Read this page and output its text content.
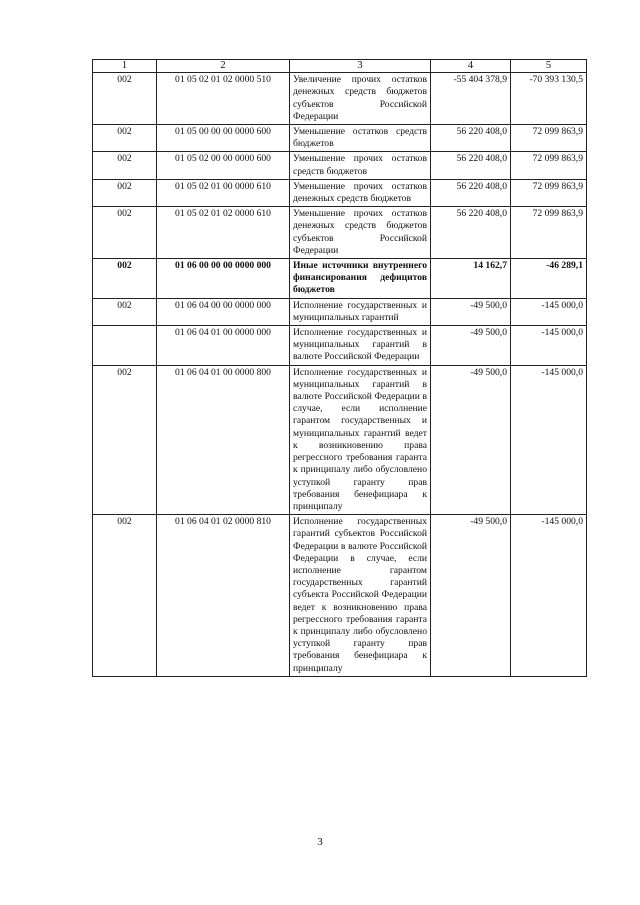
1	2	3	4	5
002	01 05 02 01 02 0000 510	Увеличение прочих остатков денежных средств бюджетов субъектов Российской Федерации	-55 404 378,9	-70 393 130,5
002	01 05 00 00 00 0000 600	Уменьшение остатков средств бюджетов	56 220 408,0	72 099 863,9
002	01 05 02 00 00 0000 600	Уменьшение прочих остатков средств бюджетов	56 220 408,0	72 099 863,9
002	01 05 02 01 00 0000 610	Уменьшение прочих остатков денежных средств бюджетов	56 220 408,0	72 099 863,9
002	01 05 02 01 02 0000 610	Уменьшение прочих остатков денежных средств бюджетов субъектов Российской Федерации	56 220 408,0	72 099 863,9
002	01 06 00 00 00 0000 000	Иные источники внутреннего финансирования дефицитов бюджетов	14 162,7	-46 289,1
002	01 06 04 00 00 0000 000	Исполнение государственных и муниципальных гарантий	-49 500,0	-145 000,0
	01 06 04 01 00 0000 000	Исполнение государственных и муниципальных гарантий в валюте Российской Федерации	-49 500,0	-145 000,0
002	01 06 04 01 00 0000 800	Исполнение государственных и муниципальных гарантий в валюте Российской Федерации в случае, если исполнение гарантом государственных и муниципальных гарантий ведет к возникновению права регрессного требования гаранта к принципалу либо обусловлено уступкой гаранту прав требования бенефициара к принципалу	-49 500,0	-145 000,0
002	01 06 04 01 02 0000 810	Исполнение государственных гарантий субъектов Российской Федерации в валюте Российской Федерации в случае, если исполнение гарантом государственных гарантий субъекта Российской Федерации ведет к возникновению права регрессного требования гаранта к принципалу либо обусловлено уступкой гаранту прав требования бенефициара к принципалу	-49 500,0	-145 000,0
3
